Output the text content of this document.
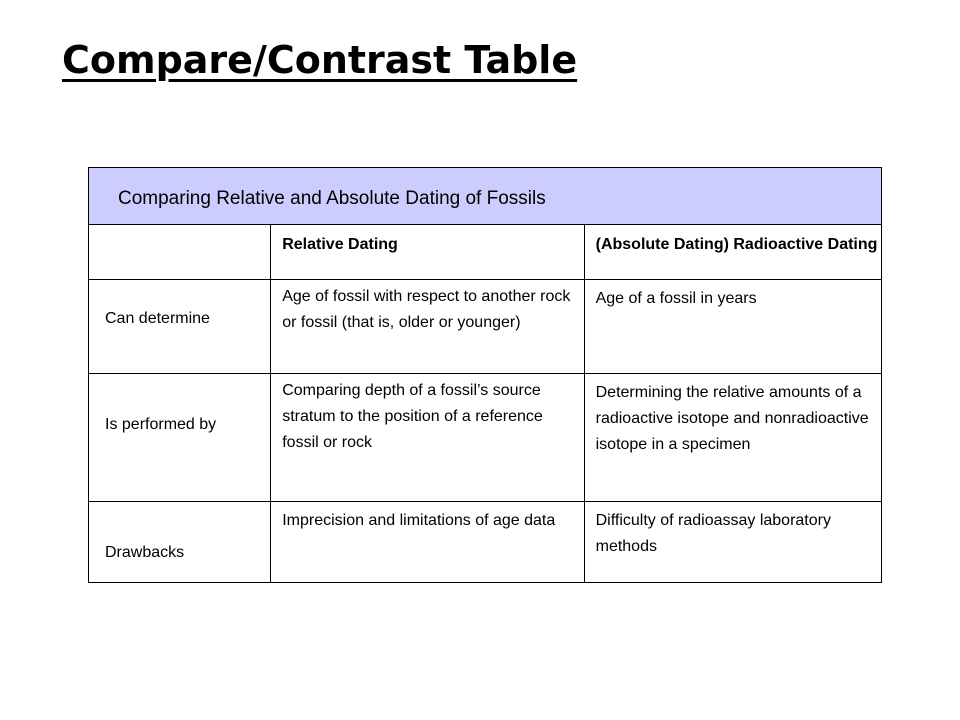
Compare/Contrast Table
Comparing Relative and Absolute Dating of Fossils		

	Relative Dating	(Absolute Dating) Radioactive Dating

Can determine	Age of fossil with respect to another rock or fossil (that is, older or younger)	Age of a fossil in years

Is performed by	Comparing depth of a fossil’s source stratum to the position of a reference fossil or rock	Determining the relative amounts of a radioactive isotope and nonradioactive isotope in a specimen

Drawbacks	Imprecision and limitations of age data	Difficulty of radioassay laboratory methods
